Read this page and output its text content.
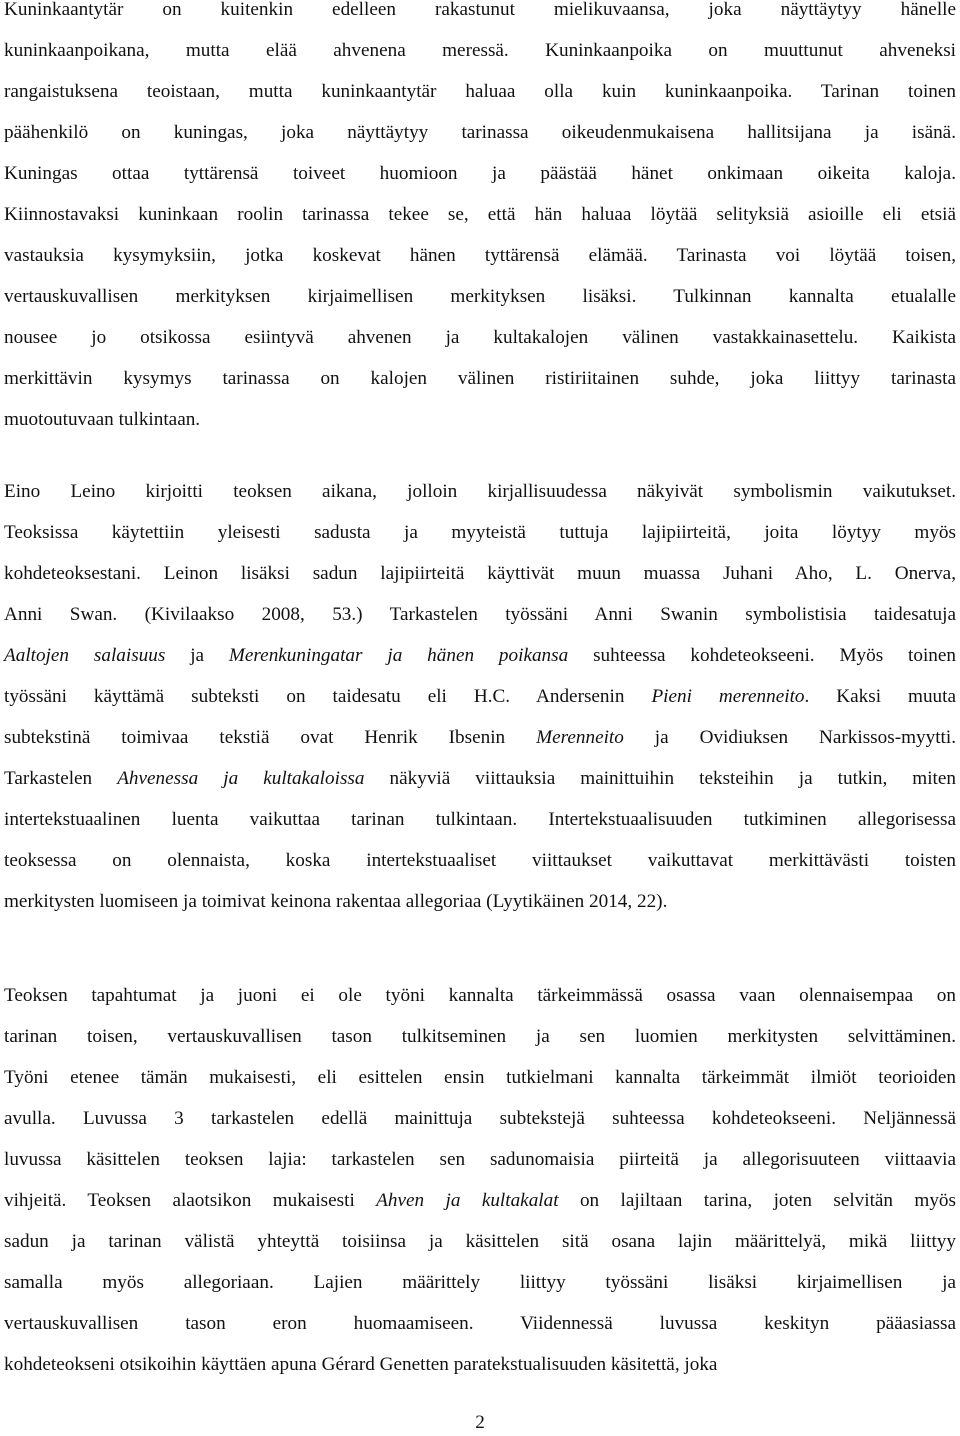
Kuninkaantytär on kuitenkin edelleen rakastunut mielikuvaansa, joka näyttäytyy hänelle
kuninkaanpoikana, mutta elää ahvenena meressä. Kuninkaanpoika on muuttunut ahveneksi
rangaistuksena teoistaan, mutta kuninkaantytär haluaa olla kuin kuninkaanpoika. Tarinan toinen
päähenkilö on kuningas, joka näyttäytyy tarinassa oikeudenmukaisena hallitsijana ja isänä.
Kuningas ottaa tyttärensä toiveet huomioon ja päästää hänet onkimaan oikeita kaloja.
Kiinnostavaksi kuninkaan roolin tarinassa tekee se, että hän haluaa löytää selityksiä asioille eli etsiä
vastauksia kysymyksiin, jotka koskevat hänen tyttärensä elämää. Tarinasta voi löytää toisen,
vertauskuvallisen merkityksen kirjaimellisen merkityksen lisäksi. Tulkinnan kannalta etualalle
nousee jo otsikossa esiintyvä ahvenen ja kultakalojen välinen vastakkainasettelu. Kaikista
merkittävin kysymys tarinassa on kalojen välinen ristiriitainen suhde, joka liittyy tarinasta
muotoutuvaan tulkintaan.
Eino Leino kirjoitti teoksen aikana, jolloin kirjallisuudessa näkyivät symbolismin vaikutukset.
Teoksissa käytettiin yleisesti sadusta ja myyteistä tuttuja lajipiirteitä, joita löytyy myös
kohdeteoksestani. Leinon lisäksi sadun lajipiirteitä käyttivät muun muassa Juhani Aho, L. Onerva,
Anni Swan. (Kivilaakso 2008, 53.) Tarkastelen työssäni Anni Swanin symbolistisia taidesatuja
Aaltojen salaisuus ja Merenkuningatar ja hänen poikansa suhteessa kohdeteokseeni. Myös toinen
työssäni käyttämä subteksti on taidesatu eli H.C. Andersenin Pieni merenneito. Kaksi muuta
subtekstinä toimivaa tekstiä ovat Henrik Ibsenin Merenneito ja Ovidiuksen Narkissos-myytti.
Tarkastelen Ahvenessa ja kultakaloissa näkyviä viittauksia mainittuihin teksteihin ja tutkin, miten
intertekstuaalinen luenta vaikuttaa tarinan tulkintaan. Intertekstuaalisuuden tutkiminen allegorisessa
teoksessa on olennaista, koska intertekstuaaliset viittaukset vaikuttavat merkittävästi toisten
merkitysten luomiseen ja toimivat keinona rakentaa allegoriaa (Lyytikäinen 2014, 22).
Teoksen tapahtumat ja juoni ei ole työni kannalta tärkeimmässä osassa vaan olennaisempaa on
tarinan toisen, vertauskuvallisen tason tulkitseminen ja sen luomien merkitysten selvittäminen.
Työni etenee tämän mukaisesti, eli esittelen ensin tutkielmani kannalta tärkeimmät ilmiöt teorioiden
avulla. Luvussa 3 tarkastelen edellä mainittuja subtekstejä suhteessa kohdeteokseeni. Neljännessä
luvussa käsittelen teoksen lajia: tarkastelen sen sadunomaisia piirteitä ja allegorisuuteen viittaavia
vihjeitä. Teoksen alaotsikon mukaisesti Ahven ja kultakalat on lajiltaan tarina, joten selvitän myös
sadun ja tarinan välistä yhteyttä toisiinsa ja käsittelen sitä osana lajin määrittelyä, mikä liittyy
samalla myös allegoriaan. Lajien määrittely liittyy työssäni lisäksi kirjaimellisen ja
vertauskuvallisen tason eron huomaamiseen. Viidennessä luvussa keskityn pääasiassa
kohdeteokseni otsikoihin käyttäen apuna Gérard Genetten paratekstualisuuden käsitettä, joka
2
